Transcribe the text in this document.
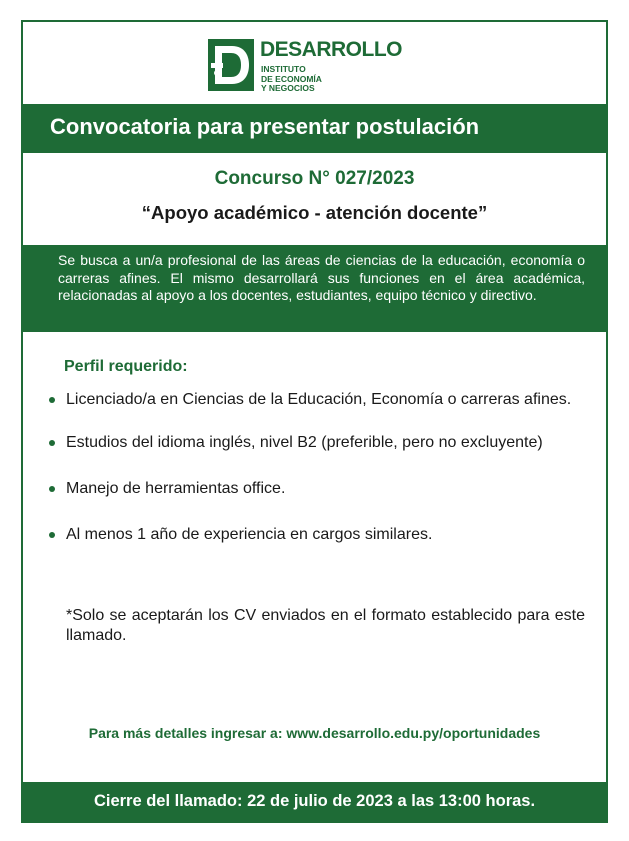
DESARROLLO
INSTITUTO
DE ECONOMÍA
Y NEGOCIOS
Convocatoria para presentar postulación
Concurso N° 027/2023
“Apoyo académico - atención docente”

Se busca a un/a profesional de las áreas de ciencias de la educación, economía o carreras afines. El mismo desarrollará sus funciones en el área académica, relacionadas al apoyo a los docentes, estudiantes, equipo técnico y directivo.

Perfil requerido:
Licenciado/a en Ciencias de la Educación, Economía o carreras afines.
Estudios del idioma inglés, nivel B2 (preferible, pero no excluyente)
Manejo de herramientas office.
Al menos 1 año de experiencia en cargos similares.
*Solo se aceptarán los CV enviados en el formato establecido para este llamado.
Para más detalles ingresar a: www.desarrollo.edu.py/oportunidades
Cierre del llamado: 22 de julio de 2023 a las 13:00 horas.
